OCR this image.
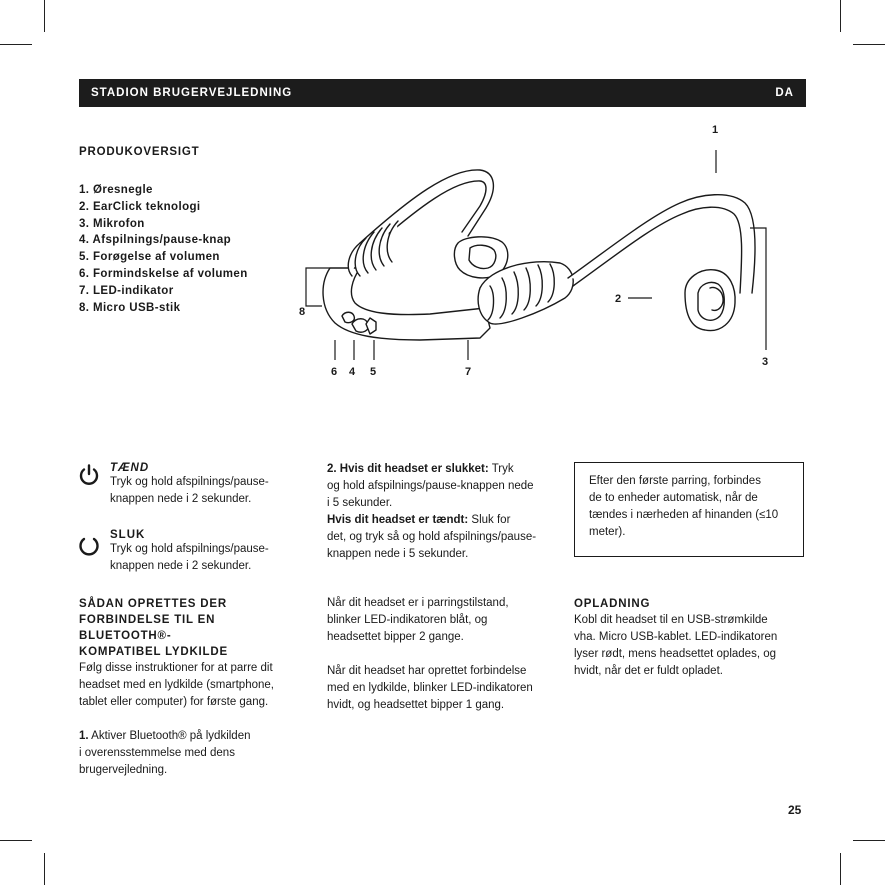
STADION BRUGERVEJLEDNING	DA
PRODUKOVERSIGT
1. Øresnegle
2. EarClick teknologi
3. Mikrofon
4. Afspilnings/pause-knap
5. Forøgelse af volumen
6. Formindskelse af volumen
7. LED-indikator
8. Micro USB-stik
1
2
3
4 5
6	7
8
TÆND
Tryk og hold afspilnings/pause-
knappen nede i 2 sekunder.
SLUK
Tryk og hold afspilnings/pause-
knappen nede i 2 sekunder.
SÅDAN OPRETTES DER
FORBINDELSE TIL EN
BLUETOOTH®-
KOMPATIBEL LYDKILDE
Følg disse instruktioner for at parre dit
headset med en lydkilde (smartphone,
tablet eller computer) for første gang.
1. Aktiver Bluetooth® på lydkilden
i overensstemmelse med dens
brugervejledning.
2. Hvis dit headset er slukket: Tryk
og hold afspilnings/pause-knappen nede
i 5 sekunder.
Hvis dit headset er tændt: Sluk for
det, og tryk så og hold afspilnings/pause-
knappen nede i 5 sekunder.
Når dit headset er i parringstilstand,
blinker LED-indikatoren blåt, og
headsettet bipper 2 gange.
Når dit headset har oprettet forbindelse
med en lydkilde, blinker LED-indikatoren
hvidt, og headsettet bipper 1 gang.
Efter den første parring, forbindes
de to enheder automatisk, når de
tændes i nærheden af hinanden (≤10
meter).
OPLADNING
Kobl dit headset til en USB-strømkilde
vha. Micro USB-kablet. LED-indikatoren
lyser rødt, mens headsettet oplades, og
hvidt, når det er fuldt opladet.
25
